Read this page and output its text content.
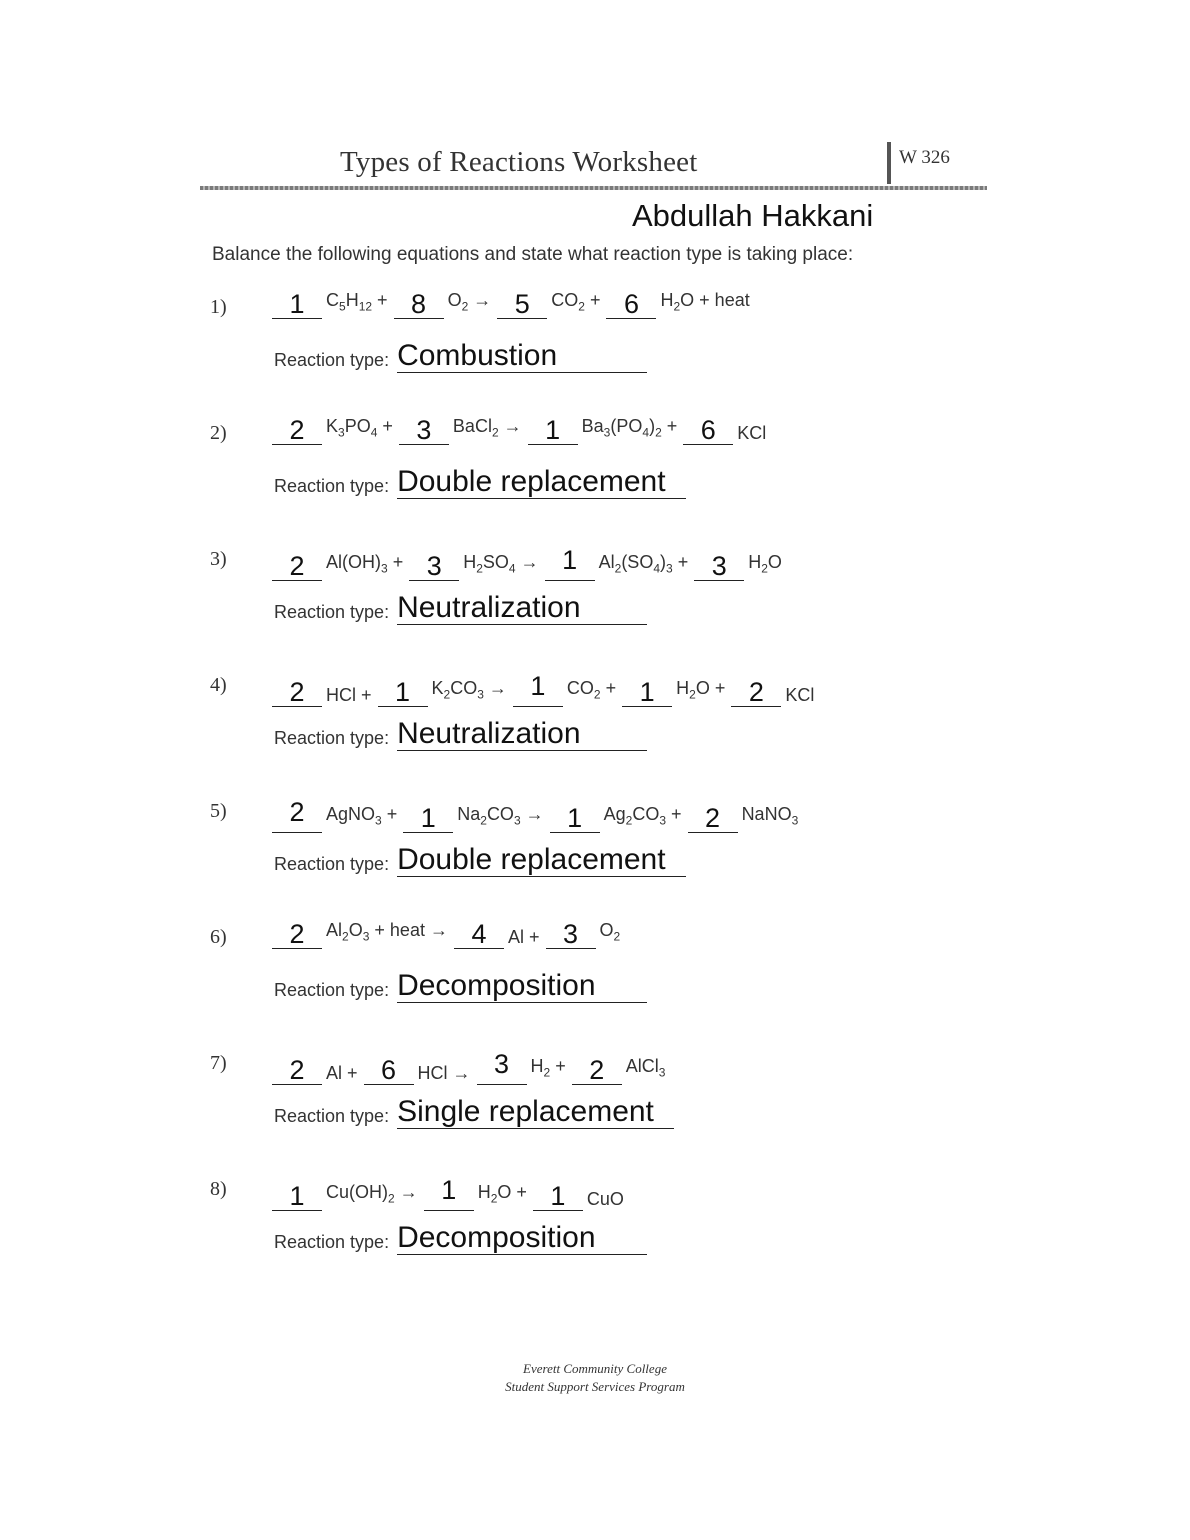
Types of Reactions Worksheet	W 326
Abdullah Hakkani
Balance the following equations and state what reaction type is taking place:
1)	1	$C_5H_{12} + 8$	$O_2 \to 5$	$CO_2 + 6$	$H_2O$ + heat
Reaction type: Combustion
2)	2	$K_3PO_4 + 3$	BaCl$_2$ → 1	$Ba_3(PO_4)_2 + 6$	KCl
Reaction type: Double replacement
3)	2	$Al(OH)_3 + 3$	$H_2SO_4 \to 1$	$Al_2(SO_4)_3 + 3$	$H_2O$
Reaction type: Neutralization
4)	2	HCl + 1	$K_2CO_3 \to 1$	$CO_2 + 1$	$H_2O + 2$	KCl
Reaction type: Neutralization
5)	2	AgNO$_3$ + 1	$Na_2CO_3 \to 1$	$Ag_2CO_3 + 2$	NaNO$_3$
Reaction type: Double replacement
6)	2	$Al_2O_3$ + heat → 4	Al + 3	$O_2$
Reaction type: Decomposition
7)	2	Al + 6	HCl → 3	$H_2 + 2$	AlCl$_3$
Reaction type: Single replacement
8)	1	$Cu(OH)_2 \to 1$	$H_2O + 1$	CuO
Reaction type: Decomposition
Everett Community College
Student Support Services Program
